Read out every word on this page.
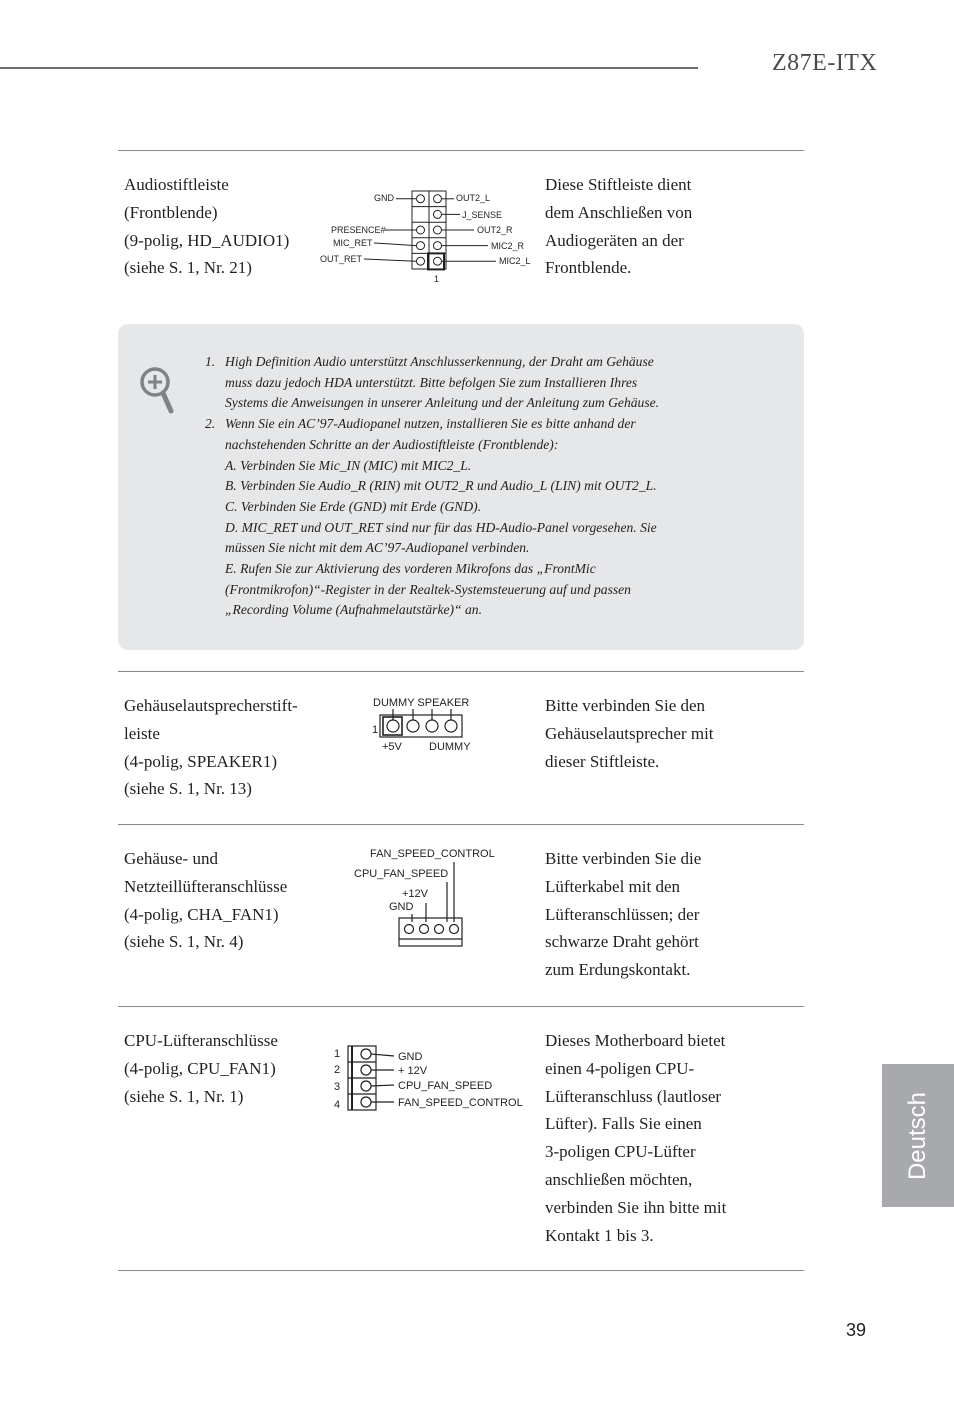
Z87E-ITX

Audiostiftleiste

(Frontblende)

(9-polig, HD_AUDIO1)

(siehe S. 1, Nr. 21)

Diese Stiftleiste dient

dem Anschließen von

Audiogeräten an der

Frontblende.

GND
PRESENCE#
MIC_RET
OUT_RET
OUT2_L
J_SENSE
OUT2_R
MIC2_R
MIC2_L
1
1. High Definition Audio unterstützt Anschlusserkennung, der Draht am Gehäuse
muss dazu jedoch HDA unterstützt. Bitte befolgen Sie zum Installieren Ihres
Systems die Anweisungen in unserer Anleitung und der Anleitung zum Gehäuse.
2. Wenn Sie ein AC’97-Audiopanel nutzen, installieren Sie es bitte anhand der
nachstehenden Schritte an der Audiostiftleiste (Frontblende):
A. Verbinden Sie Mic_IN (MIC) mit MIC2_L.
B. Verbinden Sie Audio_R (RIN) mit OUT2_R und Audio_L (LIN) mit OUT2_L.
C. Verbinden Sie Erde (GND) mit Erde (GND).
D. MIC_RET und OUT_RET sind nur für das HD-Audio-Panel vorgesehen. Sie
müssen Sie nicht mit dem AC’97-Audiopanel verbinden.
E. Rufen Sie zur Aktivierung des vorderen Mikrofons das „FrontMic
(Frontmikrofon)“-Register in der Realtek-Systemsteuerung auf und passen
„Recording Volume (Aufnahmelautstärke)“ an.

Gehäuselautsprecherstift-

leiste

(4-polig, SPEAKER1)

(siehe S. 1, Nr. 13)

Bitte verbinden Sie den

Gehäuselautsprecher mit

dieser Stiftleiste.

DUMMY SPEAKER
1
+5V DUMMY

Gehäuse- und

Netzteillüfteranschlüsse

(4-polig, CHA_FAN1)

(siehe S. 1, Nr. 4)

Bitte verbinden Sie die

Lüfterkabel mit den

Lüfteranschlüssen; der

schwarze Draht gehört

zum Erdungskontakt.

FAN_SPEED_CONTROL
CPU_FAN_SPEED
+12V
GND

CPU-Lüfteranschlüsse

(4-polig, CPU_FAN1)

(siehe S. 1, Nr. 1)

Dieses Motherboard bietet

einen 4-poligen CPU-

Lüfteranschluss (lautloser

Lüfter). Falls Sie einen

3-poligen CPU-Lüfter

anschließen möchten,

verbinden Sie ihn bitte mit

Kontakt 1 bis 3.

1
2
3
4
GND
+ 12V
CPU_FAN_SPEED
FAN_SPEED_CONTROL	Deutsch
39
